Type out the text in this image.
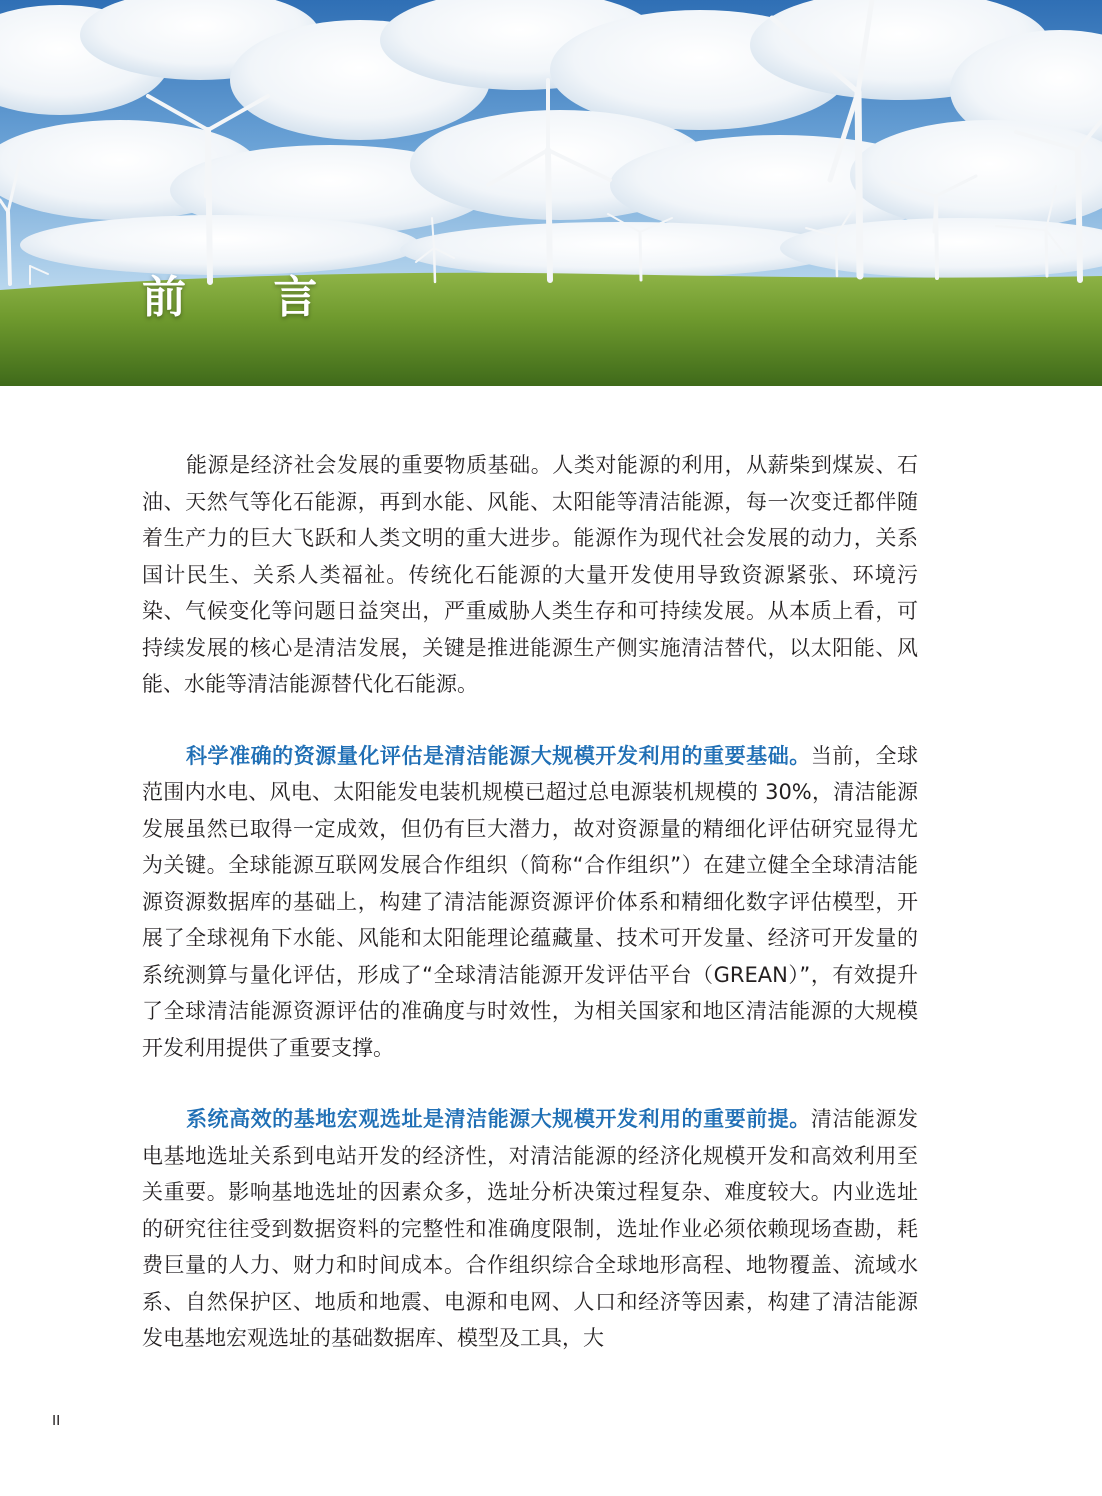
前 言

能源是经济社会发展的重要物质基础。人类对能源的利用，从薪柴到煤炭、石油、天然气等化石能源，再到水能、风能、太阳能等清洁能源，每一次变迁都伴随着生产力的巨大飞跃和人类文明的重大进步。能源作为现代社会发展的动力，关系国计民生、关系人类福祉。传统化石能源的大量开发使用导致资源紧张、环境污染、气候变化等问题日益突出，严重威胁人类生存和可持续发展。从本质上看，可持续发展的核心是清洁发展，关键是推进能源生产侧实施清洁替代，以太阳能、风能、水能等清洁能源替代化石能源。

科学准确的资源量化评估是清洁能源大规模开发利用的重要基础。当前，全球范围内水电、风电、太阳能发电装机规模已超过总电源装机规模的 30%，清洁能源发展虽然已取得一定成效，但仍有巨大潜力，故对资源量的精细化评估研究显得尤为关键。全球能源互联网发展合作组织（简称“合作组织”）在建立健全全球清洁能源资源数据库的基础上，构建了清洁能源资源评价体系和精细化数字评估模型，开展了全球视角下水能、风能和太阳能理论蕴藏量、技术可开发量、经济可开发量的系统测算与量化评估，形成了“全球清洁能源开发评估平台（GREAN）”，有效提升了全球清洁能源资源评估的准确度与时效性，为相关国家和地区清洁能源的大规模开发利用提供了重要支撑。

系统高效的基地宏观选址是清洁能源大规模开发利用的重要前提。清洁能源发电基地选址关系到电站开发的经济性，对清洁能源的经济化规模开发和高效利用至关重要。影响基地选址的因素众多，选址分析决策过程复杂、难度较大。内业选址的研究往往受到数据资料的完整性和准确度限制，选址作业必须依赖现场查勘，耗费巨量的人力、财力和时间成本。合作组织综合全球地形高程、地物覆盖、流域水系、自然保护区、地质和地震、电源和电网、人口和经济等因素，构建了清洁能源发电基地宏观选址的基础数据库、模型及工具，大

II
